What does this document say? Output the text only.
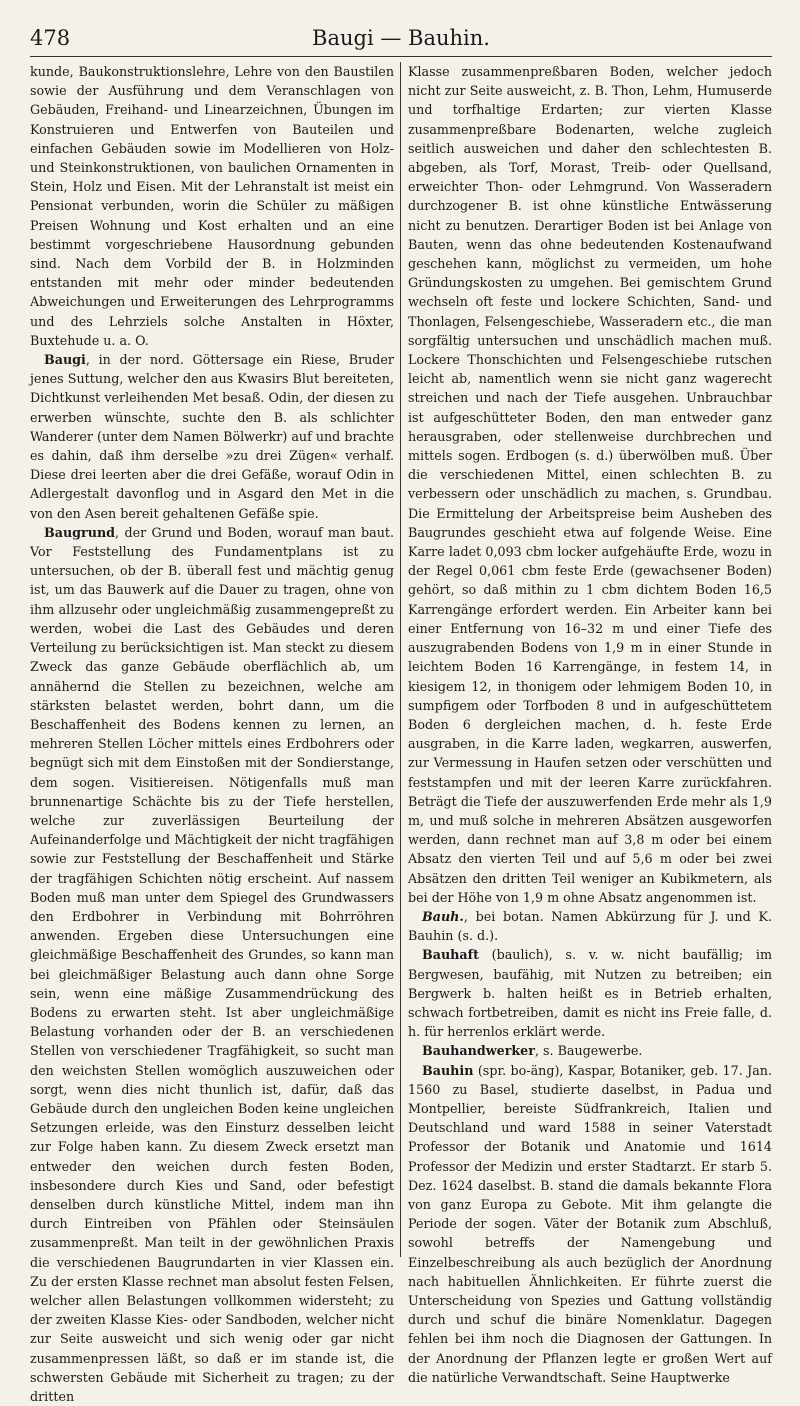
478	Baugi — Bauhin.

kunde, Baukonstruktionslehre, Lehre von den Baustilen sowie der Ausführung und dem Veranschlagen von Gebäuden, Freihand- und Linearzeichnen, Übungen im Konstruieren und Entwerfen von Bauteilen und einfachen Gebäuden sowie im Modellieren von Holz- und Steinkonstruktionen, von baulichen Ornamenten in Stein, Holz und Eisen. Mit der Lehranstalt ist meist ein Pensionat verbunden, worin die Schüler zu mäßigen Preisen Wohnung und Kost erhalten und an eine bestimmt vorgeschriebene Hausordnung gebunden sind. Nach dem Vorbild der B. in Holzminden entstanden mit mehr oder minder bedeutenden Abweichungen und Erweiterungen des Lehrprogramms und des Lehrziels solche Anstalten in Höxter, Buxtehude u. a. O.

Baugi, in der nord. Göttersage ein Riese, Bruder jenes Suttung, welcher den aus Kwasirs Blut bereiteten, Dichtkunst verleihenden Met besaß. Odin, der diesen zu erwerben wünschte, suchte den B. als schlichter Wanderer (unter dem Namen Bölwerkr) auf und brachte es dahin, daß ihm derselbe »zu drei Zügen« verhalf. Diese drei leerten aber die drei Gefäße, worauf Odin in Adlergestalt davonflog und in Asgard den Met in die von den Asen bereit gehaltenen Gefäße spie.

Baugrund, der Grund und Boden, worauf man baut. Vor Feststellung des Fundamentplans ist zu untersuchen, ob der B. überall fest und mächtig genug ist, um das Bauwerk auf die Dauer zu tragen, ohne von ihm allzusehr oder ungleichmäßig zusammengepreßt zu werden, wobei die Last des Gebäudes und deren Verteilung zu berücksichtigen ist. Man steckt zu diesem Zweck das ganze Gebäude oberflächlich ab, um annähernd die Stellen zu bezeichnen, welche am stärksten belastet werden, bohrt dann, um die Beschaffenheit des Bodens kennen zu lernen, an mehreren Stellen Löcher mittels eines Erdbohrers oder begnügt sich mit dem Einstoßen mit der Sondierstange, dem sogen. Visitiereisen. Nötigenfalls muß man brunnenartige Schächte bis zu der Tiefe herstellen, welche zur zuverlässigen Beurteilung der Aufeinanderfolge und Mächtigkeit der nicht tragfähigen sowie zur Feststellung der Beschaffenheit und Stärke der tragfähigen Schichten nötig erscheint. Auf nassem Boden muß man unter dem Spiegel des Grundwassers den Erdbohrer in Verbindung mit Bohrröhren anwenden. Ergeben diese Untersuchungen eine gleichmäßige Beschaffenheit des Grundes, so kann man bei gleichmäßiger Belastung auch dann ohne Sorge sein, wenn eine mäßige Zusammendrückung des Bodens zu erwarten steht. Ist aber ungleichmäßige Belastung vorhanden oder der B. an verschiedenen Stellen von verschiedener Tragfähigkeit, so sucht man den weichsten Stellen womöglich auszuweichen oder sorgt, wenn dies nicht thunlich ist, dafür, daß das Gebäude durch den ungleichen Boden keine ungleichen Setzungen erleide, was den Einsturz desselben leicht zur Folge haben kann. Zu diesem Zweck ersetzt man entweder den weichen durch festen Boden, insbesondere durch Kies und Sand, oder befestigt denselben durch künstliche Mittel, indem man ihn durch Eintreiben von Pfählen oder Steinsäulen zusammenpreßt. Man teilt in der gewöhnlichen Praxis die verschiedenen Baugrundarten in vier Klassen ein. Zu der ersten Klasse rechnet man absolut festen Felsen, welcher allen Belastungen vollkommen widersteht; zu der zweiten Klasse Kies- oder Sandboden, welcher nicht zur Seite ausweicht und sich wenig oder gar nicht zusammenpressen läßt, so daß er im stande ist, die schwersten Gebäude mit Sicherheit zu tragen; zu der dritten

Klasse zusammenpreßbaren Boden, welcher jedoch nicht zur Seite ausweicht, z. B. Thon, Lehm, Humuserde und torfhaltige Erdarten; zur vierten Klasse zusammenpreßbare Bodenarten, welche zugleich seitlich ausweichen und daher den schlechtesten B. abgeben, als Torf, Morast, Treib- oder Quellsand, erweichter Thon- oder Lehmgrund. Von Wasseradern durchzogener B. ist ohne künstliche Entwässerung nicht zu benutzen. Derartiger Boden ist bei Anlage von Bauten, wenn das ohne bedeutenden Kostenaufwand geschehen kann, möglichst zu vermeiden, um hohe Gründungskosten zu umgehen. Bei gemischtem Grund wechseln oft feste und lockere Schichten, Sand- und Thonlagen, Felsengeschiebe, Wasseradern etc., die man sorgfältig untersuchen und unschädlich machen muß. Lockere Thonschichten und Felsengeschiebe rutschen leicht ab, namentlich wenn sie nicht ganz wagerecht streichen und nach der Tiefe ausgehen. Unbrauchbar ist aufgeschütteter Boden, den man entweder ganz herausgraben, oder stellenweise durchbrechen und mittels sogen. Erdbogen (s. d.) überwölben muß. Über die verschiedenen Mittel, einen schlechten B. zu verbessern oder unschädlich zu machen, s. Grundbau. Die Ermittelung der Arbeitspreise beim Ausheben des Baugrundes geschieht etwa auf folgende Weise. Eine Karre ladet 0,093 cbm locker aufgehäufte Erde, wozu in der Regel 0,061 cbm feste Erde (gewachsener Boden) gehört, so daß mithin zu 1 cbm dichtem Boden 16,5 Karrengänge erfordert werden. Ein Arbeiter kann bei einer Entfernung von 16–32 m und einer Tiefe des auszugrabenden Bodens von 1,9 m in einer Stunde in leichtem Boden 16 Karrengänge, in festem 14, in kiesigem 12, in thonigem oder lehmigem Boden 10, in sumpfigem oder Torfboden 8 und in aufgeschüttetem Boden 6 dergleichen machen, d. h. feste Erde ausgraben, in die Karre laden, wegkarren, auswerfen, zur Vermessung in Haufen setzen oder verschütten und feststampfen und mit der leeren Karre zurückfahren. Beträgt die Tiefe der auszuwerfenden Erde mehr als 1,9 m, und muß solche in mehreren Absätzen ausgeworfen werden, dann rechnet man auf 3,8 m oder bei einem Absatz den vierten Teil und auf 5,6 m oder bei zwei Absätzen den dritten Teil weniger an Kubikmetern, als bei der Höhe von 1,9 m ohne Absatz angenommen ist.

Bauh., bei botan. Namen Abkürzung für J. und K. Bauhin (s. d.).

Bauhaft (baulich), s. v. w. nicht baufällig; im Bergwesen, baufähig, mit Nutzen zu betreiben; ein Bergwerk b. halten heißt es in Betrieb erhalten, schwach fortbetreiben, damit es nicht ins Freie falle, d. h. für herrenlos erklärt werde.

Bauhandwerker, s. Baugewerbe.

Bauhin (spr. bo-äng), Kaspar, Botaniker, geb. 17. Jan. 1560 zu Basel, studierte daselbst, in Padua und Montpellier, bereiste Südfrankreich, Italien und Deutschland und ward 1588 in seiner Vaterstadt Professor der Botanik und Anatomie und 1614 Professor der Medizin und erster Stadtarzt. Er starb 5. Dez. 1624 daselbst. B. stand die damals bekannte Flora von ganz Europa zu Gebote. Mit ihm gelangte die Periode der sogen. Väter der Botanik zum Abschluß, sowohl betreffs der Namengebung und Einzelbeschreibung als auch bezüglich der Anordnung nach habituellen Ähnlichkeiten. Er führte zuerst die Unterscheidung von Spezies und Gattung vollständig durch und schuf die binäre Nomenklatur. Dagegen fehlen bei ihm noch die Diagnosen der Gattungen. In der Anordnung der Pflanzen legte er großen Wert auf die natürliche Verwandtschaft. Seine Hauptwerke
